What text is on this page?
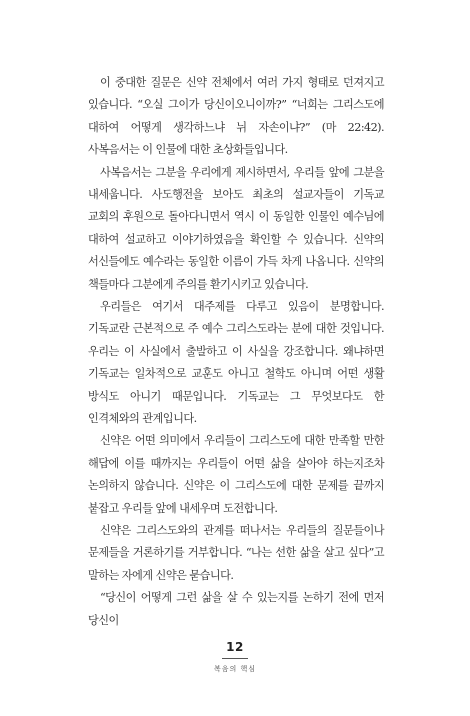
이 중대한 질문은 신약 전체에서 여러 가지 형태로 던져지고 있습니다. “오실 그이가 당신이오니이까?” “너희는 그리스도에 대하여 어떻게 생각하느냐 뉘 자손이냐?” (마 22:42). 사복음서는 이 인물에 대한 초상화들입니다.

사복음서는 그분을 우리에게 제시하면서, 우리들 앞에 그분을 내세웁니다. 사도행전을 보아도 최초의 설교자들이 기독교 교회의 후원으로 돌아다니면서 역시 이 동일한 인물인 예수님에 대하여 설교하고 이야기하였음을 확인할 수 있습니다. 신약의 서신들에도 예수라는 동일한 이름이 가득 차게 나옵니다. 신약의 책들마다 그분에게 주의를 환기시키고 있습니다.

우리들은 여기서 대주제를 다루고 있음이 분명합니다. 기독교란 근본적으로 주 예수 그리스도라는 분에 대한 것입니다. 우리는 이 사실에서 출발하고 이 사실을 강조합니다. 왜냐하면 기독교는 일차적으로 교훈도 아니고 철학도 아니며 어떤 생활 방식도 아니기 때문입니다. 기독교는 그 무엇보다도 한 인격체와의 관계입니다.

신약은 어떤 의미에서 우리들이 그리스도에 대한 만족할 만한 해답에 이를 때까지는 우리들이 어떤 삶을 살아야 하는지조차 논의하지 않습니다. 신약은 이 그리스도에 대한 문제를 끝까지 붙잡고 우리들 앞에 내세우며 도전합니다.

신약은 그리스도와의 관계를 떠나서는 우리들의 질문들이나 문제들을 거론하기를 거부합니다. “나는 선한 삶을 살고 싶다”고 말하는 자에게 신약은 묻습니다.

“당신이 어떻게 그런 삶을 살 수 있는지를 논하기 전에 먼저 당신이

12
복음의 핵심
